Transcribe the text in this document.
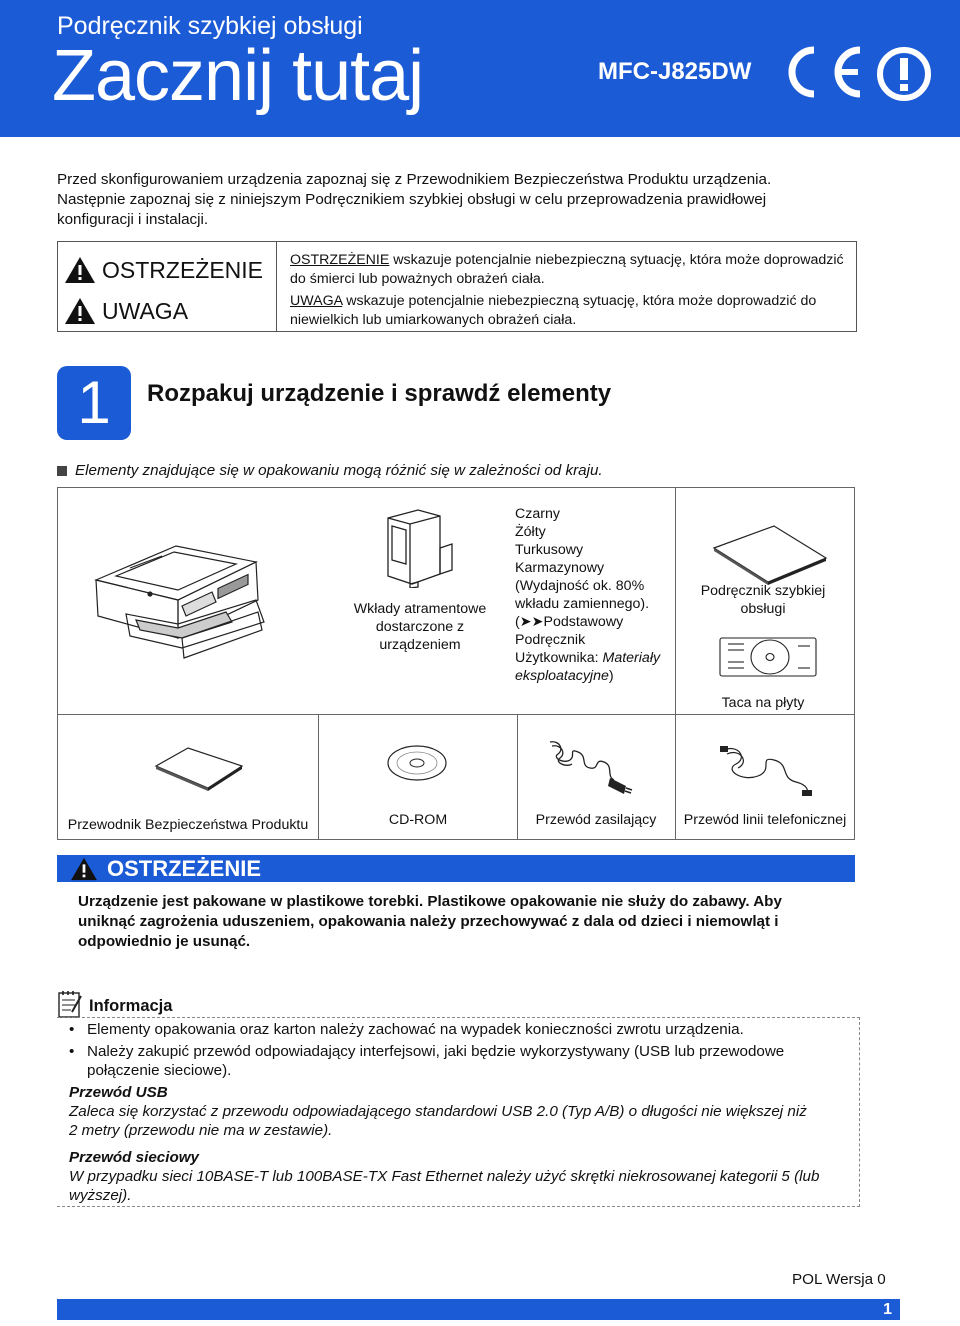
Podręcznik szybkiej obsługi
Zacznij tutaj	MFC-J825DW

Przed skonfigurowaniem urządzenia zapoznaj się z Przewodnikiem Bezpieczeństwa Produktu urządzenia.

Następnie zapoznaj się z niniejszym Podręcznikiem szybkiej obsługi w celu przeprowadzenia prawidłowej

konfiguracji i instalacji.

OSTRZEŻENIE
UWAGA
OSTRZEŻENIE wskazuje potencjalnie niebezpieczną sytuację, która może doprowadzić
do śmierci lub poważnych obrażeń ciała.
UWAGA wskazuje potencjalnie niebezpieczną sytuację, która może doprowadzić do
niewielkich lub umiarkowanych obrażeń ciała.
1	Rozpakuj urządzenie i sprawdź elementy
Elementy znajdujące się w opakowaniu mogą różnić się w zależności od kraju.
Wkłady atramentowe
dostarczone z
urządzeniem
Czarny
Żółty
Turkusowy
Karmazynowy
(Wydajność ok. 80%
wkładu zamiennego).
(➤➤Podstawowy
Podręcznik
Użytkownika: Materiały
eksploatacyjne)
Podręcznik szybkiej
obsługi
Taca na płyty
Przewodnik Bezpieczeństwa Produktu	CD-ROM	Przewód zasilający	Przewód linii telefonicznej
OSTRZEŻENIE
Urządzenie jest pakowane w plastikowe torebki. Plastikowe opakowanie nie służy do zabawy. Aby
uniknąć zagrożenia uduszeniem, opakowania należy przechowywać z dala od dzieci i niemowląt i
odpowiednio je usunąć.
Informacja
• Elementy opakowania oraz karton należy zachować na wypadek konieczności zwrotu urządzenia.
• Należy zakupić przewód odpowiadający interfejsowi, jaki będzie wykorzystywany (USB lub przewodowe
połączenie sieciowe).
Przewód USB
Zaleca się korzystać z przewodu odpowiadającego standardowi USB 2.0 (Typ A/B) o długości nie większej niż
2 metry (przewodu nie ma w zestawie).
Przewód sieciowy
W przypadku sieci 10BASE-T lub 100BASE-TX Fast Ethernet należy użyć skrętki niekrosowanej kategorii 5 (lub
wyższej).
POL Wersja 0
1
